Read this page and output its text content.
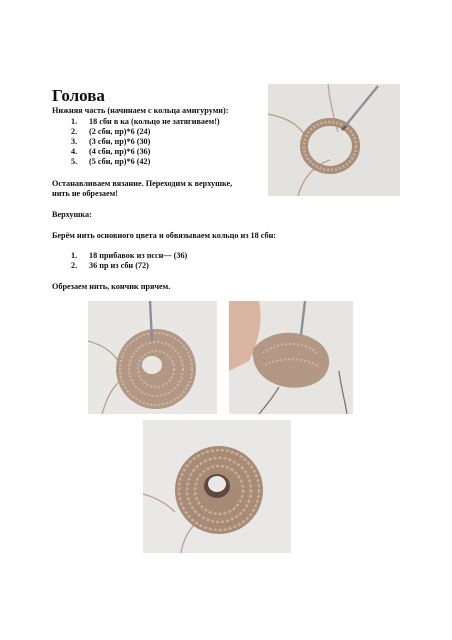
Голова
Нижняя часть (начинаем с кольца амигуруми):
1. 18 сбн в ка (кольцо не затягиваем!)
2. (2 сбн, пр)*6 (24)
3. (3 сбн, пр)*6 (30)
4. (4 сбн, пр)*6 (36)
5. (5 сбн, пр)*6 (42)
Останавливаем вязание. Переходим к верхушке,
нить не обрезаем!
Верхушка:
Берём нить основного цвета и обвязываем кольцо из 18 сбн:
1. 18 прибавок из пссн— (36)
2. 36 пр из сбн (72)
Обрезаем нить, кончик прячем.
